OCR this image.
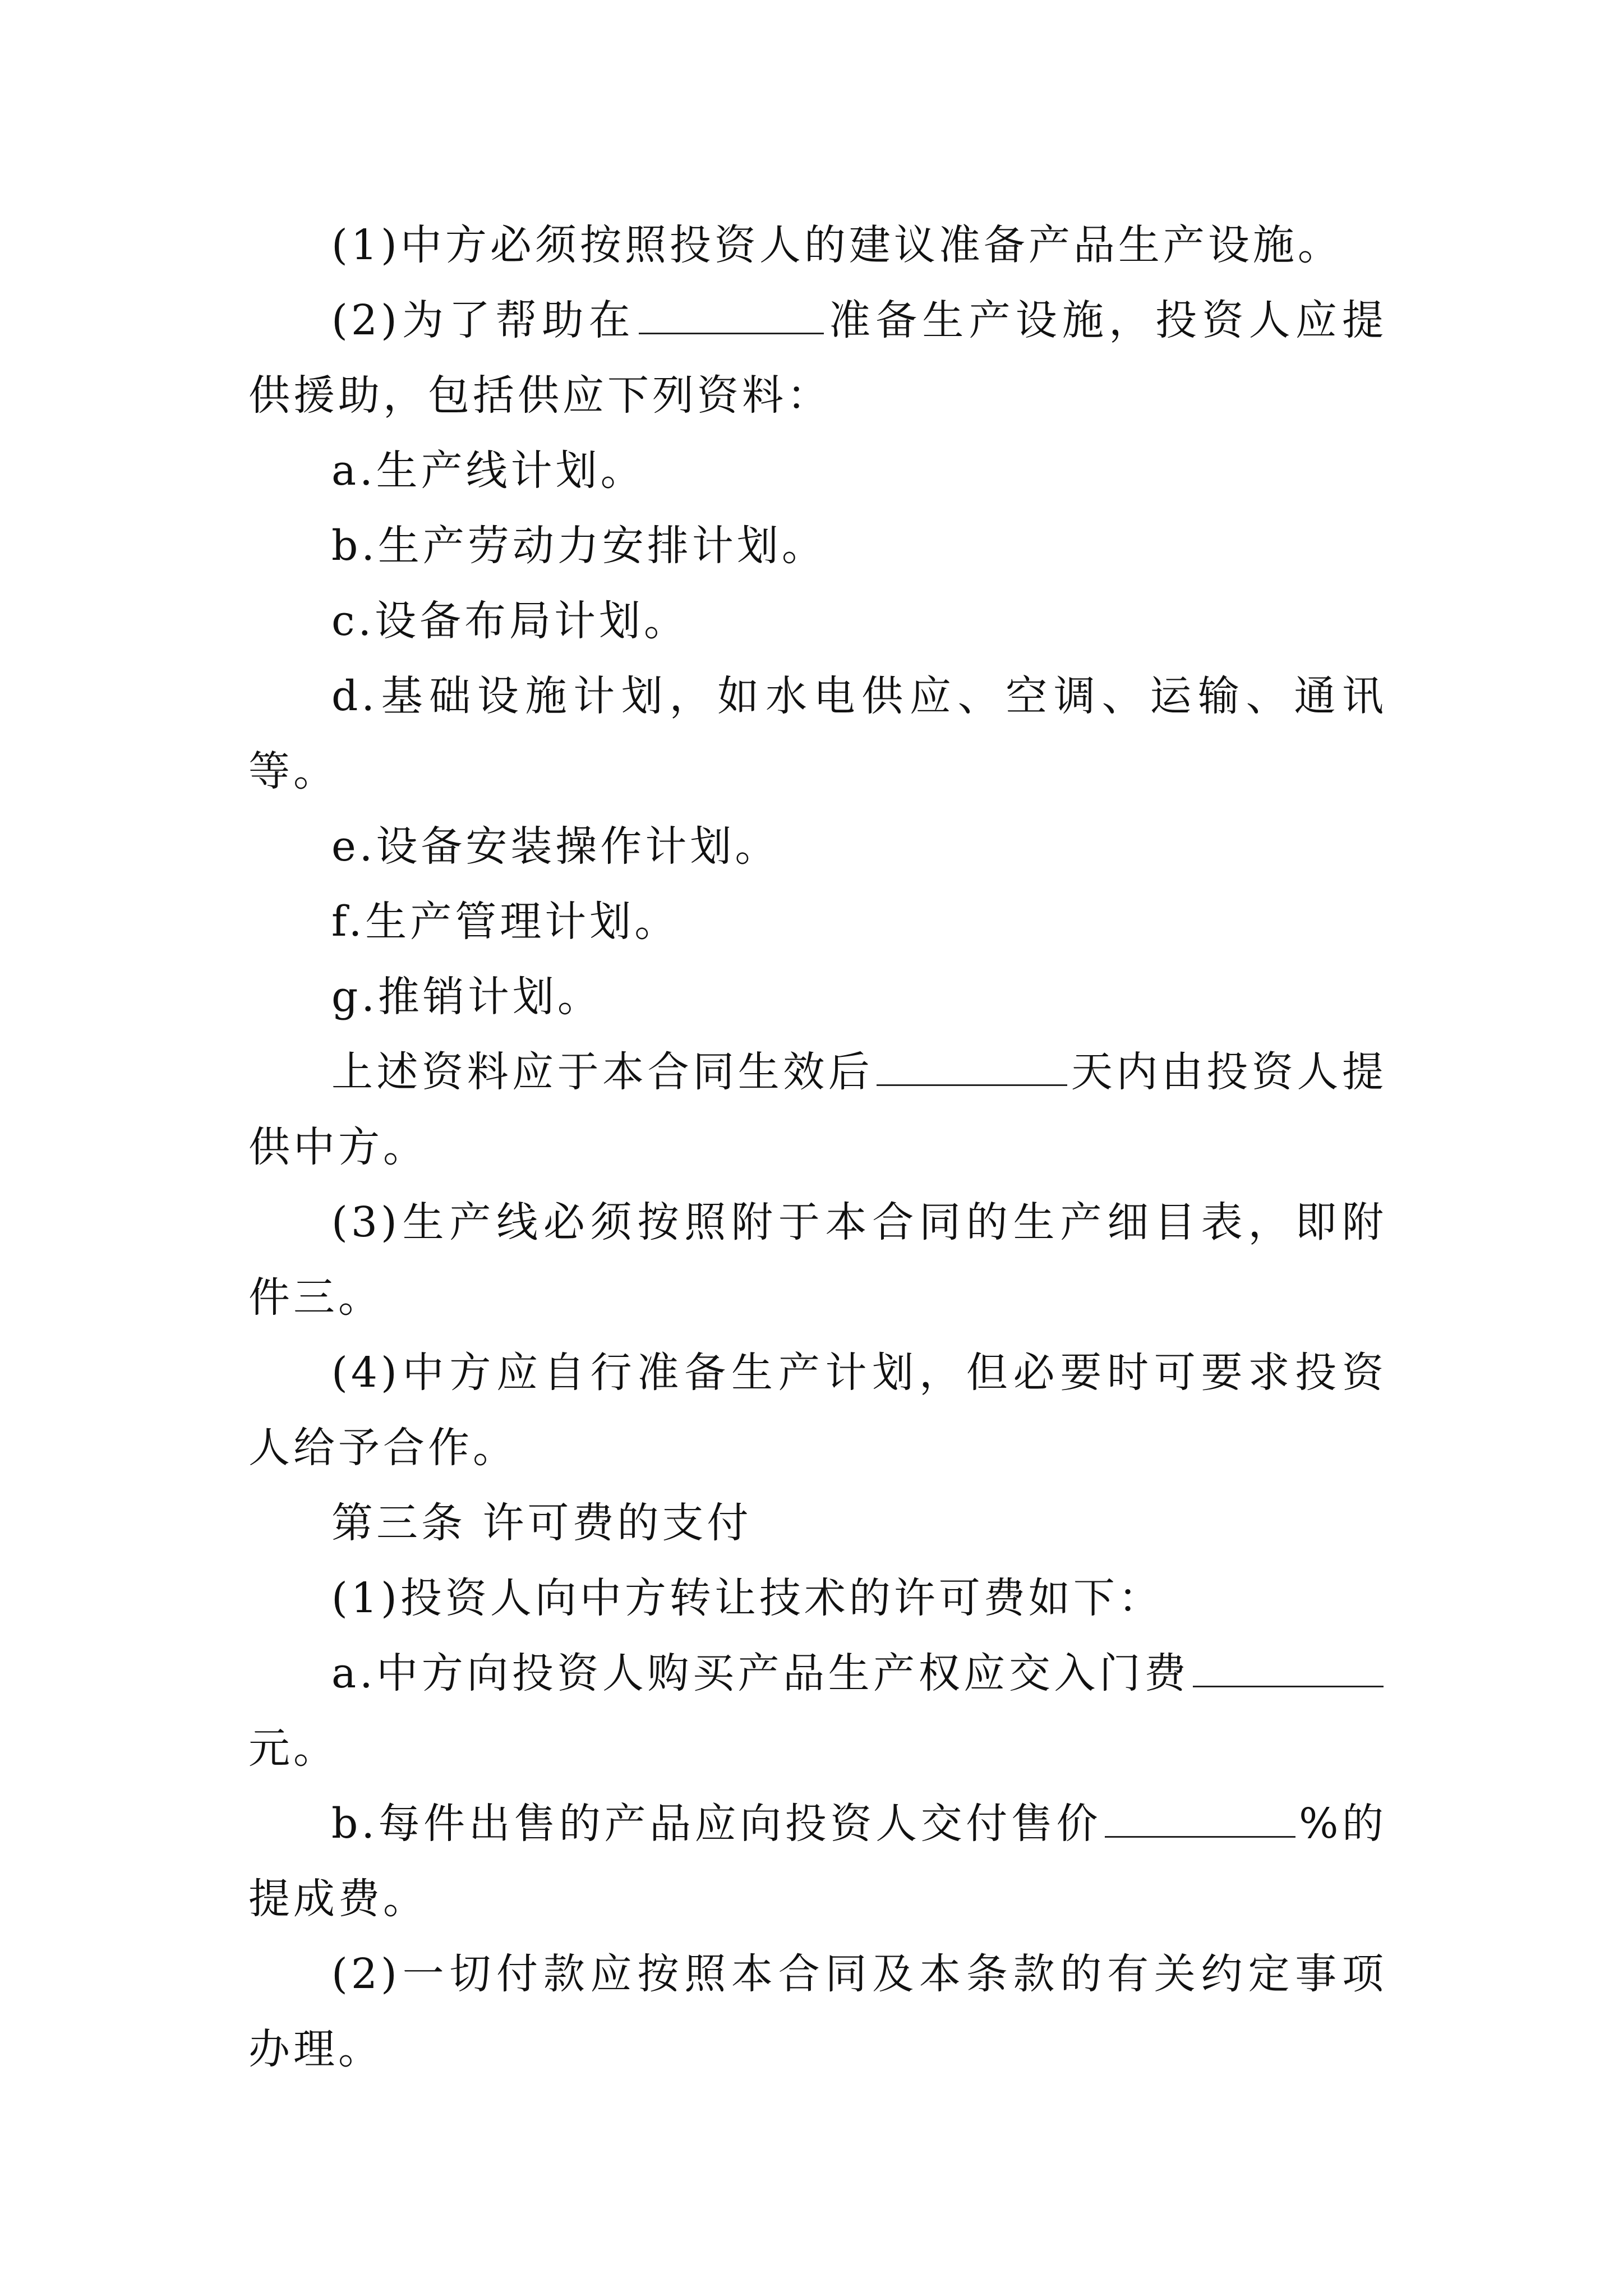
(1)中方必须按照投资人的建议准备产品生产设施。

(2)为了帮助在	准备生产设施，投资人应提供援助，包括供应下列资料：

a.生产线计划。

b.生产劳动力安排计划。

c.设备布局计划。

d.基础设施计划，如水电供应、空调、运输、通讯等。

e.设备安装操作计划。

f.生产管理计划。

g.推销计划。

上述资料应于本合同生效后	天内由投资人提供中方。

(3)生产线必须按照附于本合同的生产细目表，即附件三。

(4)中方应自行准备生产计划，但必要时可要求投资人给予合作。

第三条 许可费的支付

(1)投资人向中方转让技术的许可费如下：

a.中方向投资人购买产品生产权应交入门费元。

b.每件出售的产品应向投资人交付售价	%的提成费。

(2)一切付款应按照本合同及本条款的有关约定事项办理。
